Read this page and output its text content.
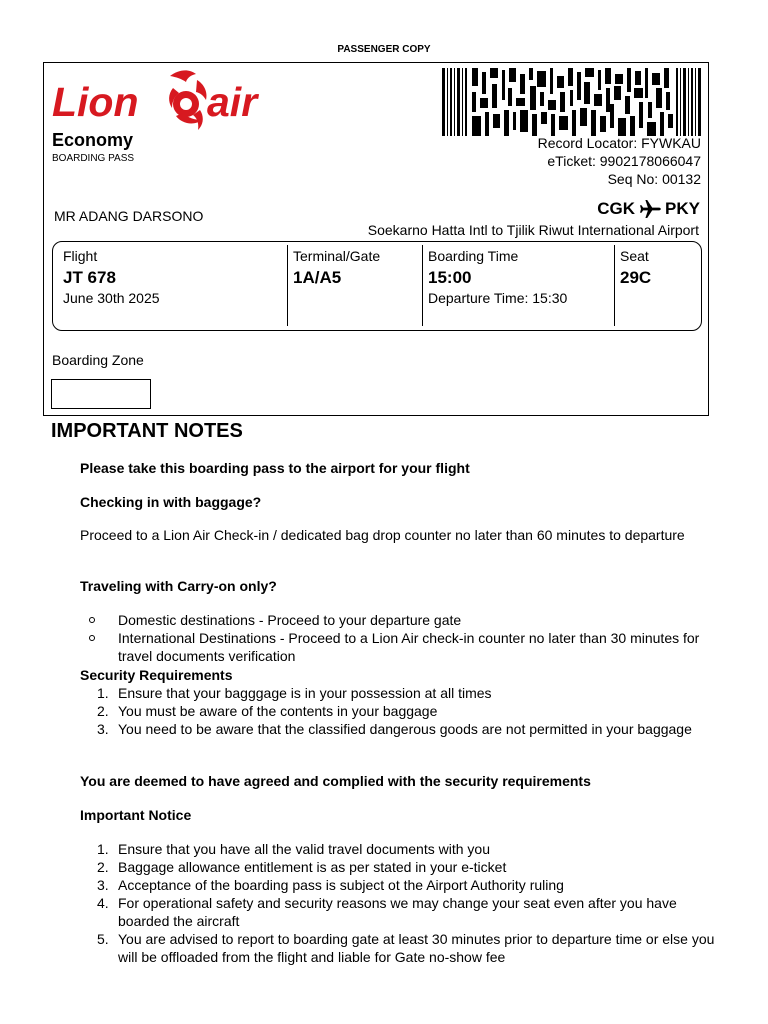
PASSENGER COPY
Lion air
Economy
BOARDING PASS
Record Locator: FYWKAU
eTicket: 9902178066047
Seq No: 00132
MR ADANG DARSONO	CGK PKY
Soekarno Hatta Intl to Tjilik Riwut International Airport
Flight
JT 678
June 30th 2025
Terminal/Gate
1A/A5
Boarding Time
15:00
Departure Time: 15:30
Seat
29C
Boarding Zone
IMPORTANT NOTES
Please take this boarding pass to the airport for your flight
Checking in with baggage?
Proceed to a Lion Air Check-in / dedicated bag drop counter no later than 60 minutes to departure
Traveling with Carry-on only?
Domestic destinations - Proceed to your departure gate
International Destinations - Proceed to a Lion Air check-in counter no later than 30 minutes for travel documents verification
Security Requirements
1. Ensure that your bagggage is in your possession at all times
2. You must be aware of the contents in your baggage
3. You need to be aware that the classified dangerous goods are not permitted in your baggage
You are deemed to have agreed and complied with the security requirements
Important Notice
1. Ensure that you have all the valid travel documents with you
2. Baggage allowance entitlement is as per stated in your e-ticket
3. Acceptance of the boarding pass is subject ot the Airport Authority ruling
4. For operational safety and security reasons we may change your seat even after you have boarded the aircraft
5. You are advised to report to boarding gate at least 30 minutes prior to departure time or else you will be offloaded from the flight and liable for Gate no-show fee
